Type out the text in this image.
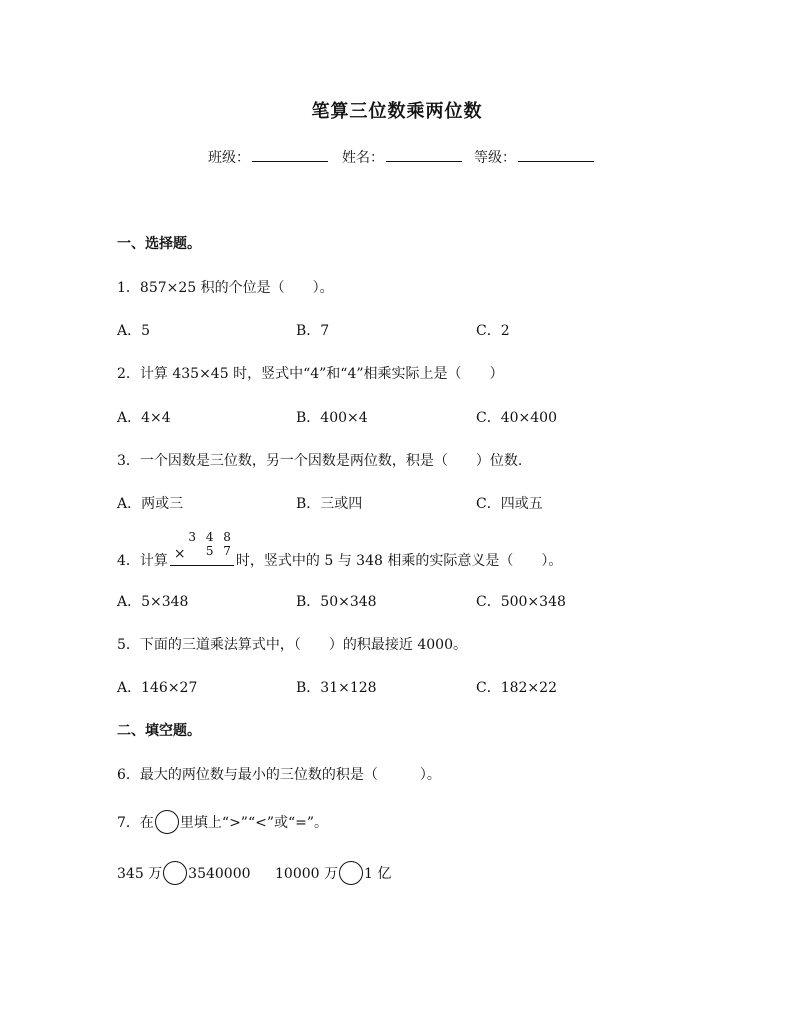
笔算三位数乘两位数
班级：	姓名：	等级：
一、选择题。
1．857×25 积的个位是（　　）。
A．5	B．7	C．2
2．计算 435×45 时，竖式中“4”和“4”相乘实际上是（　　）
A．4×4	B．400×4	C．40×400
3．一个因数是三位数，另一个因数是两位数，积是（　　）位数.
A．两或三	B．三或四	C．四或五
4．计算
3 4 8
× 5 7
时，竖式中的 5 与 348 相乘的实际意义是（　　）。
A．5×348	B．50×348	C．500×348
5．下面的三道乘法算式中，（　　）的积最接近 4000。
A．146×27	B．31×128	C．182×22
二、填空题。
6．最大的两位数与最小的三位数的积是（　　　）。
7．在 里填上“>”“<”或“=”。
345 万 3540000 10000 万 1 亿
